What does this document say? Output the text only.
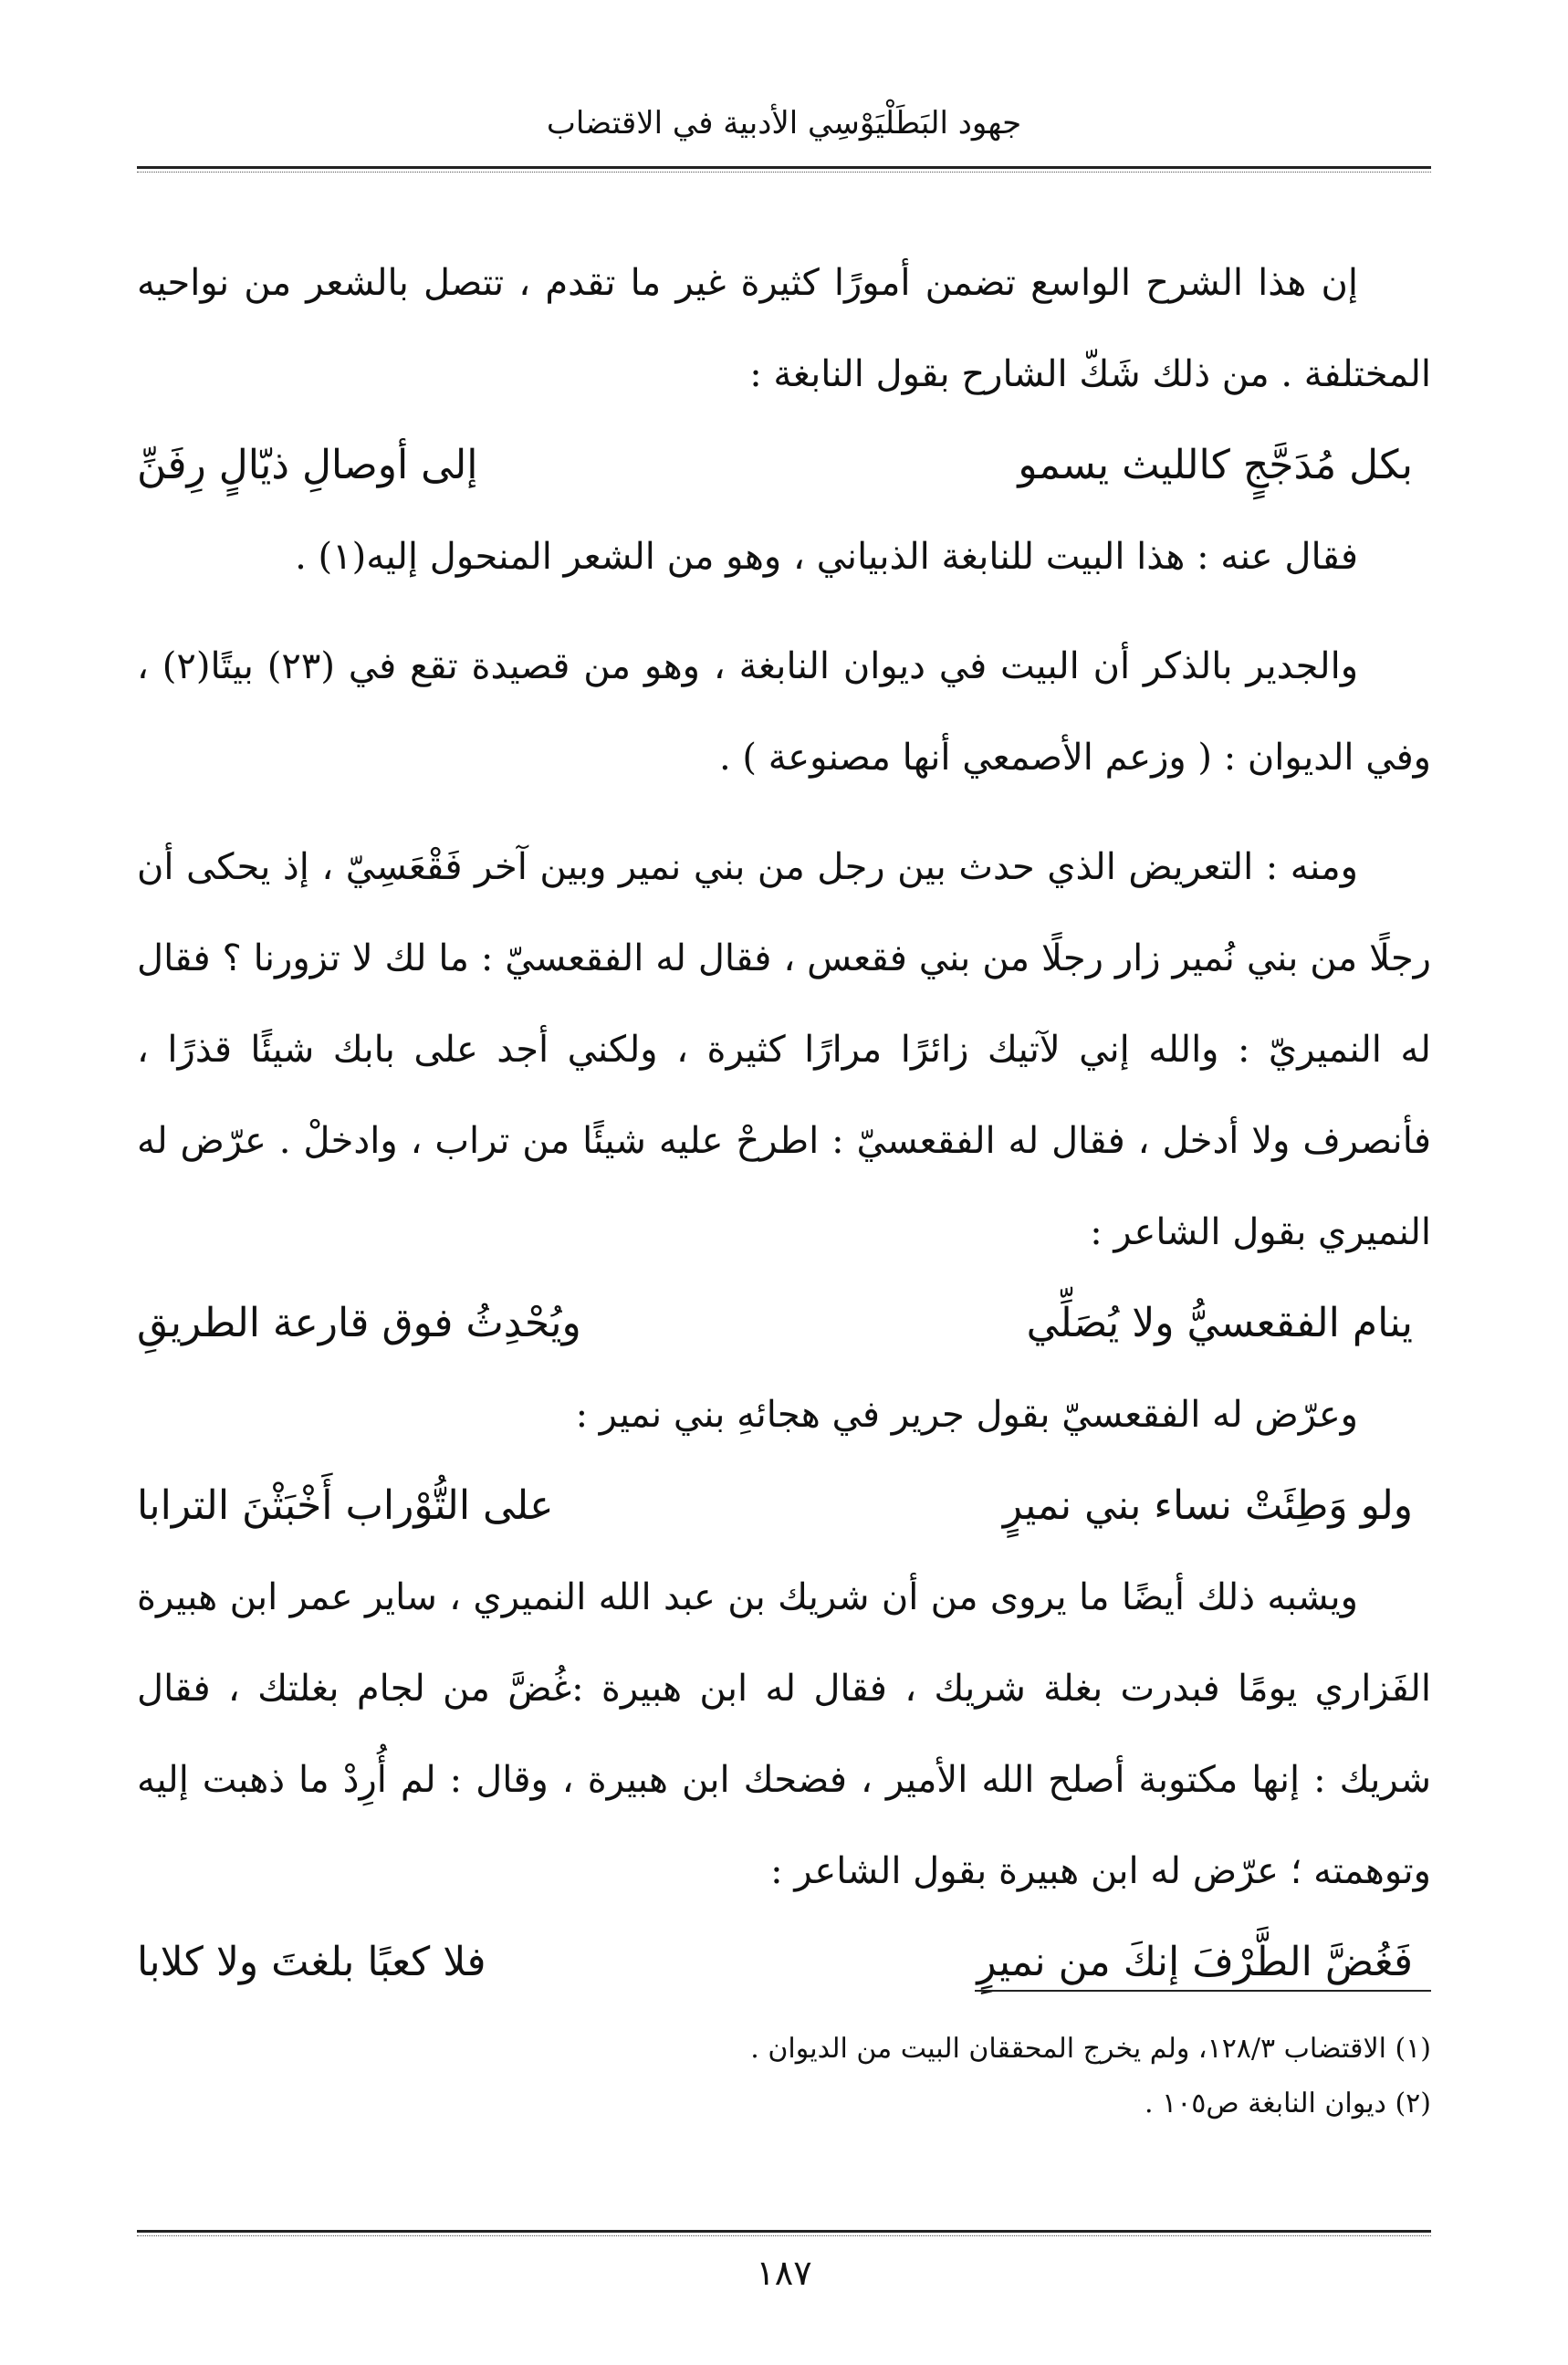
جهود البَطَلْيَوْسِي الأدبية في الاقتضاب

إن هذا الشرح الواسع تضمن أمورًا كثيرة غير ما تقدم ، تتصل بالشعر من نواحيه المختلفة . من ذلك شَكّ الشارح بقول النابغة :

بكل مُدَجَّجٍ كالليث يسمو
إلى أوصالِ ذيّالٍ رِفَنِّ

فقال عنه : هذا البيت للنابغة الذبياني ، وهو من الشعر المنحول إليه(١) .

والجدير بالذكر أن البيت في ديوان النابغة ، وهو من قصيدة تقع في (٢٣) بيتًا(٢) ، وفي الديوان : ( وزعم الأصمعي أنها مصنوعة ) .

ومنه : التعريض الذي حدث بين رجل من بني نمير وبين آخر فَقْعَسِيّ ، إذ يحكى أن رجلًا من بني نُمير زار رجلًا من بني فقعس ، فقال له الفقعسيّ : ما لك لا تزورنا ؟ فقال له النميريّ : والله إني لآتيك زائرًا مرارًا كثيرة ، ولكني أجد على بابك شيئًا قذرًا ، فأنصرف ولا أدخل ، فقال له الفقعسيّ : اطرحْ عليه شيئًا من تراب ، وادخلْ . عرّض له النميري بقول الشاعر :

ينام الفقعسيُّ ولا يُصَلِّي
ويُحْدِثُ فوق قارعة الطريقِ

وعرّض له الفقعسيّ بقول جرير في هجائهِ بني نمير :

ولو وَطِئَتْ نساء بني نميرٍ
على التُّوْراب أَخْبَثْنَ الترابا

ويشبه ذلك أيضًا ما يروى من أن شريك بن عبد الله النميري ، ساير عمر ابن هبيرة الفَزاري يومًا فبدرت بغلة شريك ، فقال له ابن هبيرة :غُضَّ من لجام بغلتك ، فقال شريك : إنها مكتوبة أصلح الله الأمير ، فضحك ابن هبيرة ، وقال : لم أُرِدْ ما ذهبت إليه وتوهمته ؛ عرّض له ابن هبيرة بقول الشاعر :

فَغُضَّ الطَّرْفَ إنكَ من نميرٍ
فلا كعبًا بلغتَ ولا كلابا

(١) الاقتضاب ١٢٨/٣، ولم يخرج المحققان البيت من الديوان .

(٢) ديوان النابغة ص١٠٥ .

١٨٧
